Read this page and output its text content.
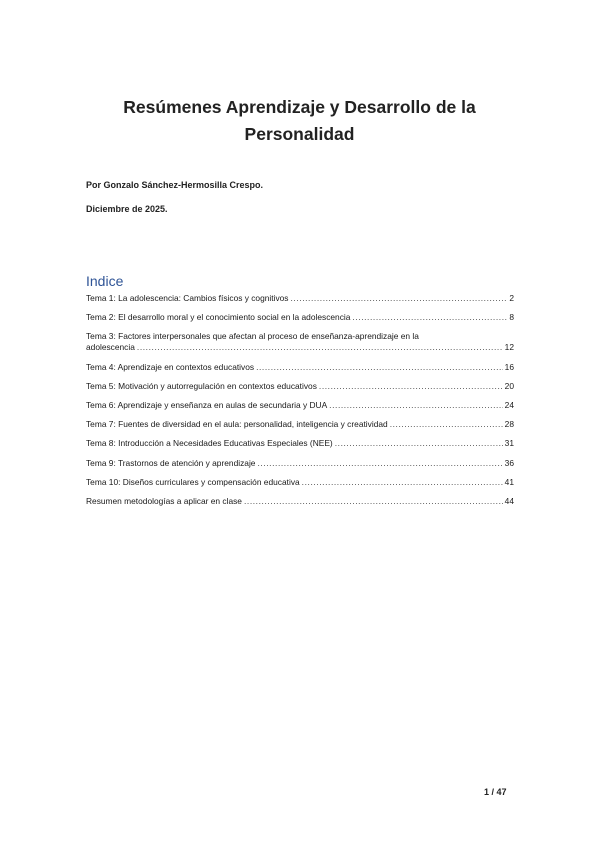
Resúmenes Aprendizaje y Desarrollo de la
Personalidad
Por Gonzalo Sánchez-Hermosilla Crespo.
Diciembre de 2025.
Indice
Tema 1: La adolescencia: Cambios físicos y cognitivos .....	2
Tema 2: El desarrollo moral y el conocimiento social en la adolescencia .....	8
Tema 3: Factores interpersonales que afectan al proceso de enseñanza-aprendizaje en la
adolescencia .....	12
Tema 4: Aprendizaje en contextos educativos .....	16
Tema 5: Motivación y autorregulación en contextos educativos .....	20
Tema 6: Aprendizaje y enseñanza en aulas de secundaria y DUA .....	24
Tema 7: Fuentes de diversidad en el aula: personalidad, inteligencia y creatividad .....	28
Tema 8: Introducción a Necesidades Educativas Especiales (NEE) .....	31
Tema 9: Trastornos de atención y aprendizaje .....	36
Tema 10: Diseños curriculares y compensación educativa .....	41
Resumen metodologías a aplicar en clase .....	44
1 / 47
